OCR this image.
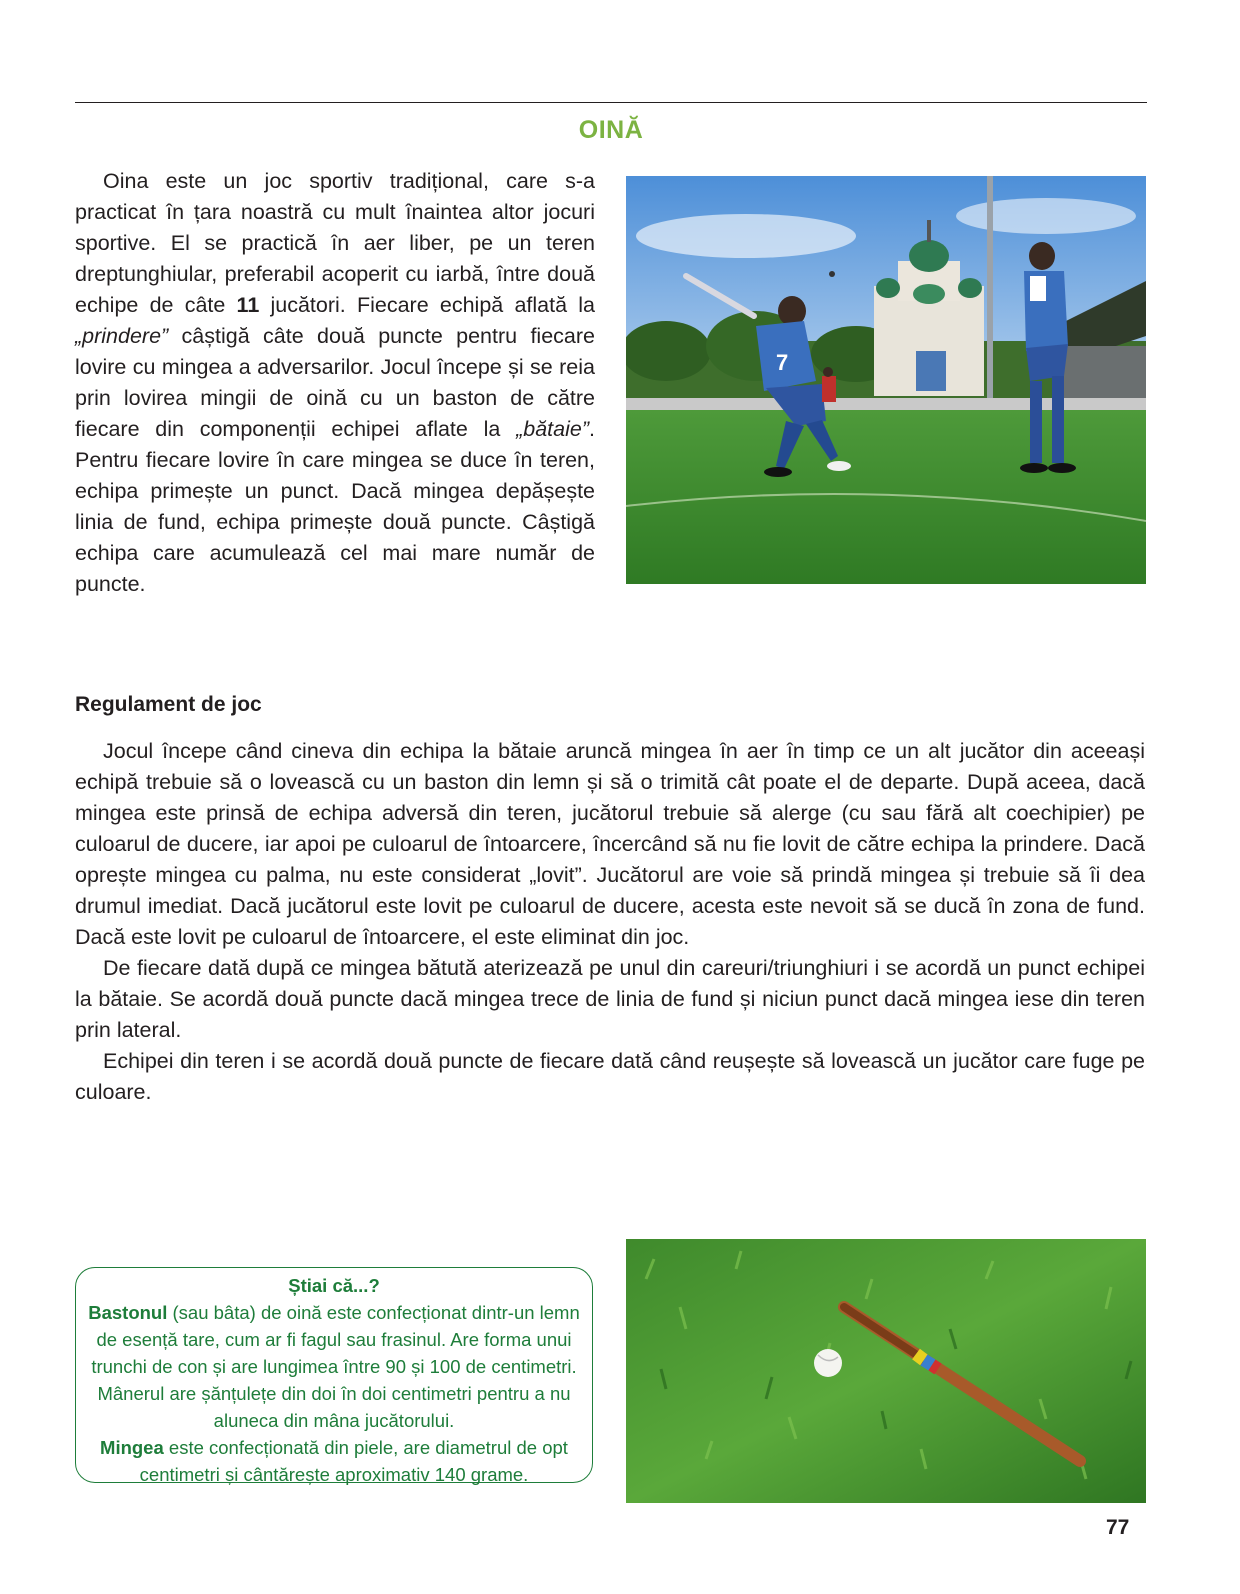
OINĂ

Oina este un joc sportiv tradițional, care s-a practicat în țara noastră cu mult înaintea altor jocuri sportive. El se practică în aer liber, pe un teren dreptunghiular, preferabil acoperit cu iarbă, între două echipe de câte 11 jucători. Fiecare echipă aflată la „prindere” câștigă câte două puncte pentru fiecare lovire cu mingea a adversarilor. Jocul începe și se reia prin lovirea mingii de oină cu un baston de către fiecare din componenții echipei aflate la „bătaie”. Pentru fiecare lovire în care mingea se duce în teren, echipa primește un punct. Dacă mingea depășește linia de fund, echipa primește două puncte. Câștigă echipa care acumulează cel mai mare număr de puncte.

7
Regulament de joc

Jocul începe când cineva din echipa la bătaie aruncă mingea în aer în timp ce un alt jucător din aceeași echipă trebuie să o lovească cu un baston din lemn și să o trimită cât poate el de departe. După aceea, dacă mingea este prinsă de echipa adversă din teren, jucătorul trebuie să alerge (cu sau fără alt coechipier) pe culoarul de ducere, iar apoi pe culoarul de întoarcere, încercând să nu fie lovit de către echipa la prindere. Dacă oprește mingea cu palma, nu este considerat „lovit”. Jucătorul are voie să prindă mingea și trebuie să îi dea drumul imediat. Dacă jucătorul este lovit pe culoarul de ducere, acesta este nevoit să se ducă în zona de fund. Dacă este lovit pe culoarul de întoarcere, el este eliminat din joc.

De fiecare dată după ce mingea bătută aterizează pe unul din careuri/triunghiuri i se acordă un punct echipei la bătaie. Se acordă două puncte dacă mingea trece de linia de fund și niciun punct dacă mingea iese din teren prin lateral.

Echipei din teren i se acordă două puncte de fiecare dată când reușește să lovească un jucător care fuge pe culoare.

Știai că...?
Bastonul (sau bâta) de oină este confecționat dintr-un lemn de esență tare, cum ar fi fagul sau frasinul. Are forma unui trunchi de con și are lungimea între 90 și 100 de centimetri. Mânerul are șănțulețe din doi în doi centimetri pentru a nu aluneca din mâna jucătorului.
Mingea este confecționată din piele, are diametrul de opt centimetri și cântărește aproximativ 140 grame.
77
